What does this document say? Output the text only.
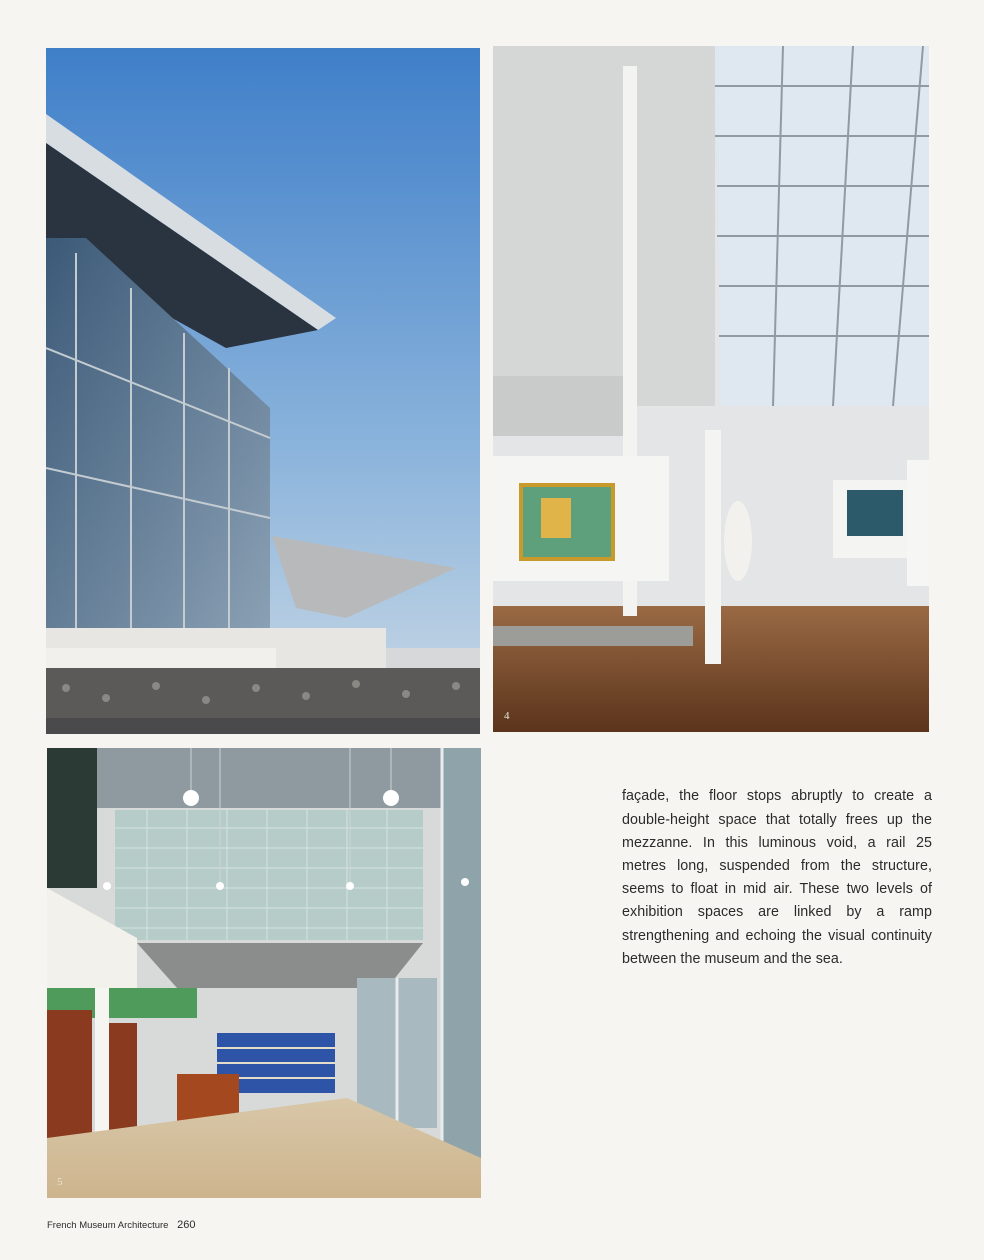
4
5

façade, the floor stops abruptly to create a double-height space that totally frees up the mezzanne. In this luminous void, a rail 25 metres long, suspended from the structure, seems to float in mid air. These two levels of exhibition spaces are linked by a ramp strengthening and echoing the visual continuity between the museum and the sea.

French Museum Architecture 260
